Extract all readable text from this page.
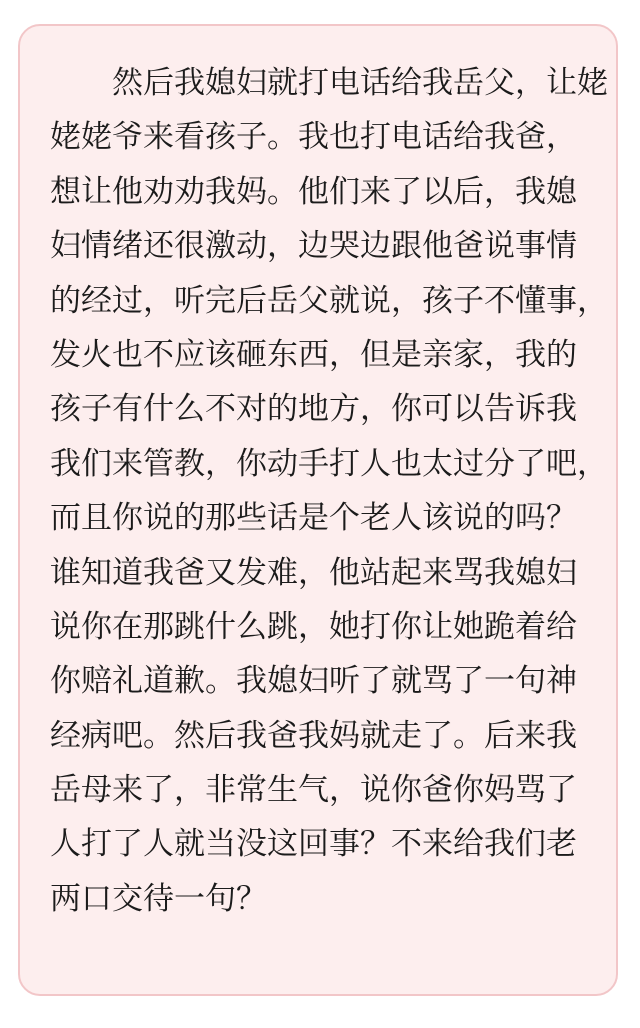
然后我媳妇就打电话给我岳父，让姥
姥姥爷来看孩子。我也打电话给我爸，
想让他劝劝我妈。他们来了以后，我媳
妇情绪还很激动，边哭边跟他爸说事情
的经过，听完后岳父就说，孩子不懂事，
发火也不应该砸东西，但是亲家，我的
孩子有什么不对的地方，你可以告诉我
我们来管教，你动手打人也太过分了吧，
而且你说的那些话是个老人该说的吗？
谁知道我爸又发难，他站起来骂我媳妇
说你在那跳什么跳，她打你让她跪着给
你赔礼道歉。我媳妇听了就骂了一句神
经病吧。然后我爸我妈就走了。后来我
岳母来了，非常生气，说你爸你妈骂了
人打了人就当没这回事？不来给我们老
两口交待一句？
